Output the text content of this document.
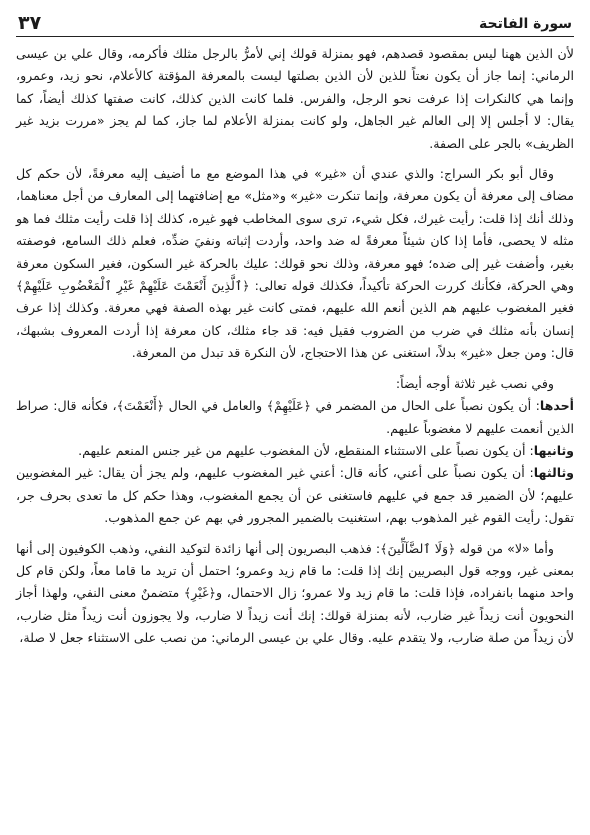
سورة الفاتحة
٣٧

لأن الذين ههنا ليس بمقصود قصدهم، فهو بمنزلة قولك إني لأمرُّ بالرجل مثلك فأكرمه، وقال علي بن عيسى الرماني: إنما جاز أن يكون نعتاً للذين لأن الذين بصلتها ليست بالمعرفة المؤقتة كالأعلام، نحو زيد، وعمرو، وإنما هي كالنكرات إذا عرفت نحو الرجل، والفرس. فلما كانت الذين كذلك، كانت صفتها كذلك أيضاً، كما يقال: لا أجلس إلا إلى العالم غير الجاهل، ولو كانت بمنزلة الأعلام لما جاز، كما لم يجز «مررت بزيد غير الظريف» بالجر على الصفة.

وقال أبو بكر السراج: والذي عندي أن «غير» في هذا الموضع مع ما أضيف إليه معرفةً، لأن حكم كل مضاف إلى معرفة أن يكون معرفة، وإنما تنكرت «غير» و«مثل» مع إضافتهما إلى المعارف من أجل معناهما، وذلك أنك إذا قلت: رأيت غيرك، فكل شيء، ترى سوى المخاطب فهو غيره، كذلك إذا قلت رأيت مثلك فما هو مثله لا يحصى، فأما إذا كان شيئاً معرفةً له ضد واحد، وأردت إثباته ونفيَ ضدِّه، فعلم ذلك السامع، فوصفته بغير، وأضفت غير إلى ضده؛ فهو معرفة، وذلك نحو قولك: عليك بالحركة غير السكون، فغير السكون معرفة وهي الحركة، فكأنك كررت الحركة تأكيداً، فكذلك قوله تعالى: ﴿ٱلَّذِينَ أَنْعَمْتَ عَلَيْهِمْ غَيْرِ ٱلْمَغْضُوبِ عَلَيْهِمْ﴾ فغير المغضوب عليهم هم الذين أنعم الله عليهم، فمتى كانت غير بهذه الصفة فهي معرفة. وكذلك إذا عرف إنسان بأنه مثلك في ضرب من الضروب فقيل فيه: قد جاء مثلك، كان معرفة إذا أردت المعروف بشبهك، قال: ومن جعل «غير» بدلاً، استغنى عن هذا الاحتجاج، لأن النكرة قد تبدل من المعرفة.

وفي نصب غير ثلاثة أوجه أيضاً:

أحدها: أن يكون نصباً على الحال من المضمر في ﴿عَلَيْهِمْ﴾ والعامل في الحال ﴿أَنْعَمْتَ﴾، فكأنه قال: صراط الذين أنعمت عليهم لا مغضوباً عليهم.

وثانيها: أن يكون نصباً على الاستثناء المنقطع، لأن المغضوب عليهم من غير جنس المنعم عليهم.

وثالثها: أن يكون نصباً على أعني، كأنه قال: أعني غير المغضوب عليهم، ولم يجز أن يقال: غير المغضوبين عليهم؛ لأن الضمير قد جمع في عليهم فاستغنى عن أن يجمع المغضوب، وهذا حكم كل ما تعدى بحرف جر، تقول: رأيت القوم غير المذهوب بهم، استغنيت بالضمير المجرور في بهم عن جمع المذهوب.

وأما «لا» من قوله ﴿وَلَا ٱلضَّآلِّينَ﴾: فذهب البصريون إلى أنها زائدة لتوكيد النفي، وذهب الكوفيون إلى أنها بمعنى غير، ووجه قول البصريين إنك إذا قلت: ما قام زيد وعمرو؛ احتمل أن تريد ما قاما معاً، ولكن قام كل واحد منهما بانفراده، فإذا قلت: ما قام زيد ولا عمرو؛ زال الاحتمال، و﴿غَيْرِ﴾ متضمنٌ معنى النفي، ولهذا أجاز النحويون أنت زيداً غير ضارب، لأنه بمنزلة قولك: إنك أنت زيداً لا ضارب، ولا يجوزون أنت زيداً مثل ضارب، لأن زيداً من صلة ضارب، ولا يتقدم عليه. وقال علي بن عيسى الرماني: من نصب على الاستثناء جعل لا صلة،
